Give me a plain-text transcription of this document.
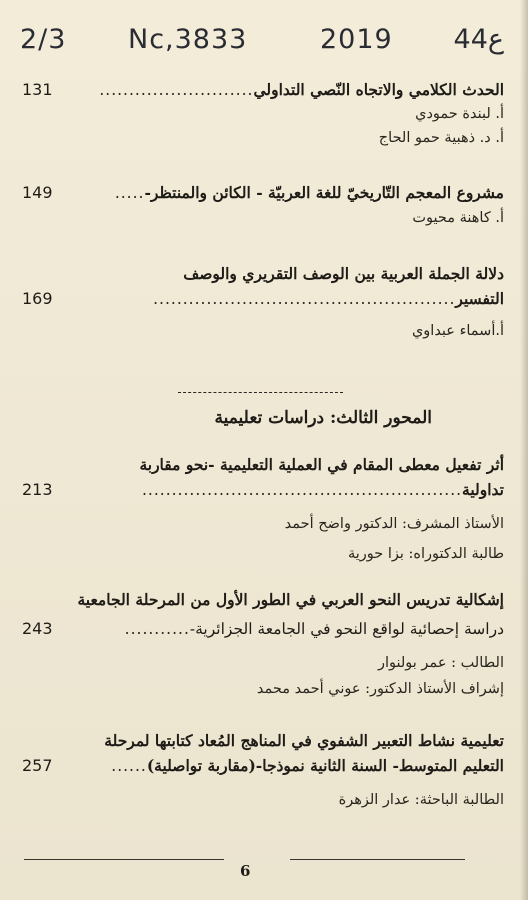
2/3 Nc,3833	2019 44ع
الحدث الكلامي والاتجاه النّصي التداولي
..........................
131
أ. لبندة حمودي
أ. د. ذهبية حمو الحاج
مشروع المعجم التّاريخيّ للغة العربيّة - الكائن والمنتظر-
.....
149
أ. كاهنة محيوت
دلالة الجملة العربية بين الوصف التقريري والوصف
التفسير
...................................................
169
أ.أسماء عبداوي
المحور الثالث: دراسات تعليمية
أثر تفعيل معطى المقام في العملية التعليمية -نحو مقاربة
تداولية
......................................................
213
الأستاذ المشرف: الدكتور واضح أحمد
طالبة الدكتوراه: بزا حورية
إشكالية تدريس النحو العربي في الطور الأول من المرحلة الجامعية
دراسة إحصائية لواقع النحو في الجامعة الجزائرية-
...........
243
الطالب : عمر بولنوار
إشراف الأستاذ الدكتور: عوني أحمد محمد
تعليمية نشاط التعبير الشفوي في المناهج المُعاد كتابتها لمرحلة
التعليم المتوسط- السنة الثانية نموذجا-(مقاربة تواصلية)
......
257
الطالبة الباحثة: عدار الزهرة
6
